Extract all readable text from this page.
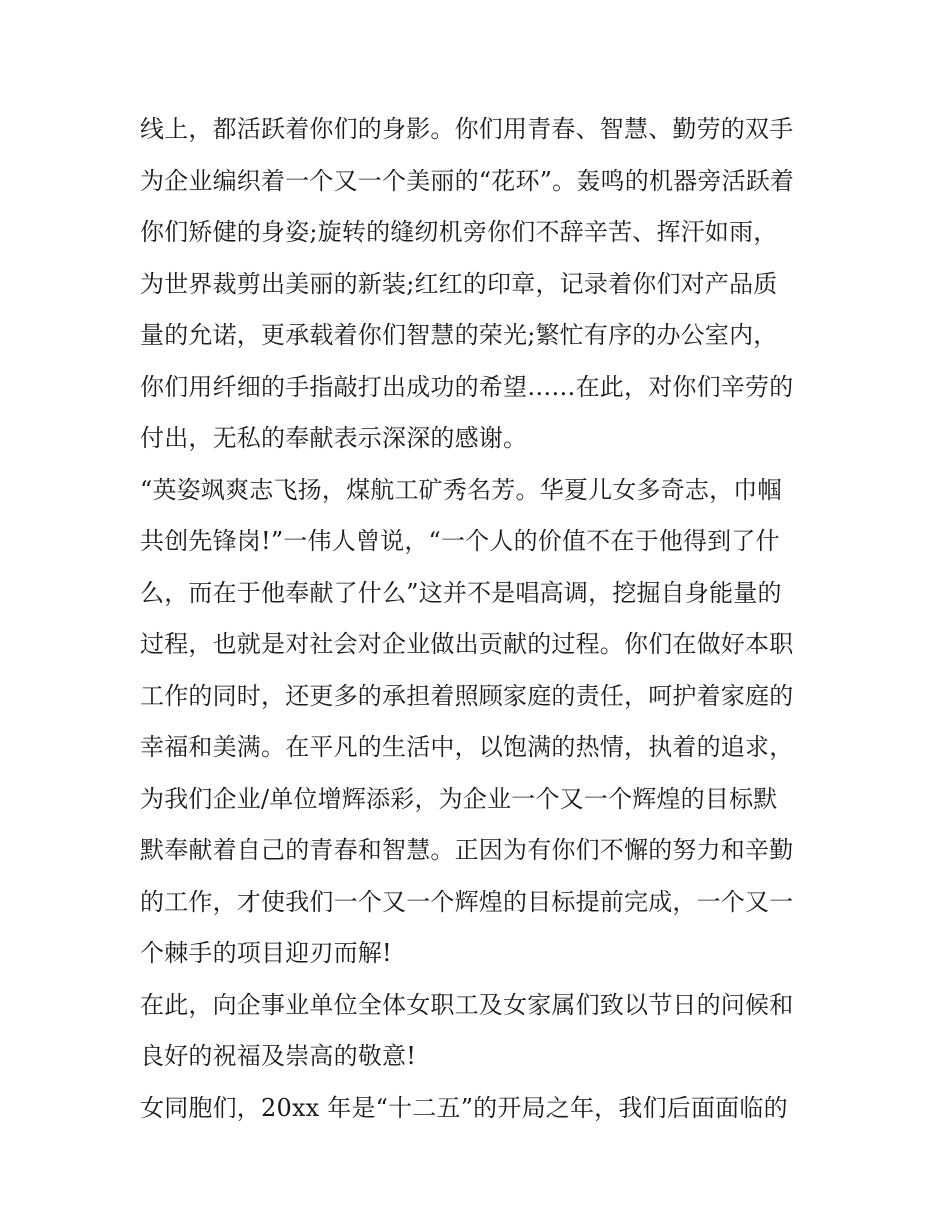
线上，都活跃着你们的身影。你们用青春、智慧、勤劳的双手
为企业编织着一个又一个美丽的“花环”。轰鸣的机器旁活跃着
你们矫健的身姿;旋转的缝纫机旁你们不辞辛苦、挥汗如雨，
为世界裁剪出美丽的新装;红红的印章，记录着你们对产品质
量的允诺，更承载着你们智慧的荣光;繁忙有序的办公室内，
你们用纤细的手指敲打出成功的希望……在此，对你们辛劳的
付出，无私的奉献表示深深的感谢。
“英姿飒爽志飞扬，煤航工矿秀名芳。华夏儿女多奇志，巾帼
共创先锋岗!”一伟人曾说，“一个人的价值不在于他得到了什
么，而在于他奉献了什么”这并不是唱高调，挖掘自身能量的
过程，也就是对社会对企业做出贡献的过程。你们在做好本职
工作的同时，还更多的承担着照顾家庭的责任，呵护着家庭的
幸福和美满。在平凡的生活中，以饱满的热情，执着的追求，
为我们企业/单位增辉添彩，为企业一个又一个辉煌的目标默
默奉献着自己的青春和智慧。正因为有你们不懈的努力和辛勤
的工作，才使我们一个又一个辉煌的目标提前完成，一个又一
个棘手的项目迎刃而解!
在此，向企事业单位全体女职工及女家属们致以节日的问候和
良好的祝福及崇高的敬意!
女同胞们，20xx 年是“十二五”的开局之年，我们后面面临的
